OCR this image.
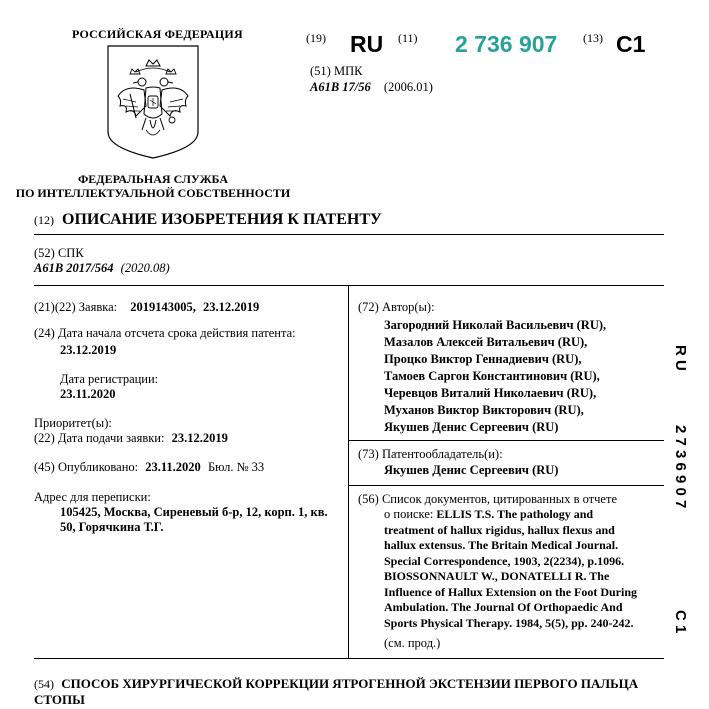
РОССИЙСКАЯ ФЕДЕРАЦИЯ
ФЕДЕРАЛЬНАЯ СЛУЖБА
ПО ИНТЕЛЛЕКТУАЛЬНОЙ СОБСТВЕННОСТИ
(19) RU (11) 2 736 907 (13) C1
(51) МПК
A61B 17/56 (2006.01)
(12) ОПИСАНИЕ ИЗОБРЕТЕНИЯ К ПАТЕНТУ
(52) СПК
A61B 2017/564 (2020.08)
(21)(22) Заявка: 2019143005, 23.12.2019
(24) Дата начала отсчета срока действия патента:
23.12.2019
Дата регистрации:
23.11.2020
Приоритет(ы):
(22) Дата подачи заявки: 23.12.2019
(45) Опубликовано: 23.11.2020 Бюл. № 33
Адрес для переписки:
105425, Москва, Сиреневый б-р, 12, корп. 1, кв. 50, Горячкина Т.Г.
(72) Автор(ы):
Загородний Николай Васильевич (RU),
Мазалов Алексей Витальевич (RU),
Процко Виктор Геннадиевич (RU),
Тамоев Саргон Константинович (RU),
Черевцов Виталий Николаевич (RU),
Муханов Виктор Викторович (RU),
Якушев Денис Сергеевич (RU)
(73) Патентообладатель(и):
Якушев Денис Сергеевич (RU)
(56) Список документов, цитированных в отчете
о поиске: ELLIS T.S. The pathology and
treatment of hallux rigidus, hallux flexus and
hallux extensus. The Britain Medical Journal.
Special Correspondence, 1903, 2(2234), p.1096.
BIOSSONNAULT W., DONATELLI R. The
Influence of Hallux Extension on the Foot During
Ambulation. The Journal Of Orthopaedic And
Sports Physical Therapy. 1984, 5(5), pp. 240-242.
(см. прод.)
R U
2 7 3 6 9 0 7
C 1
(54) СПОСОБ ХИРУРГИЧЕСКОЙ КОРРЕКЦИИ ЯТРОГЕННОЙ ЭКСТЕНЗИИ ПЕРВОГО ПАЛЬЦА СТОПЫ
